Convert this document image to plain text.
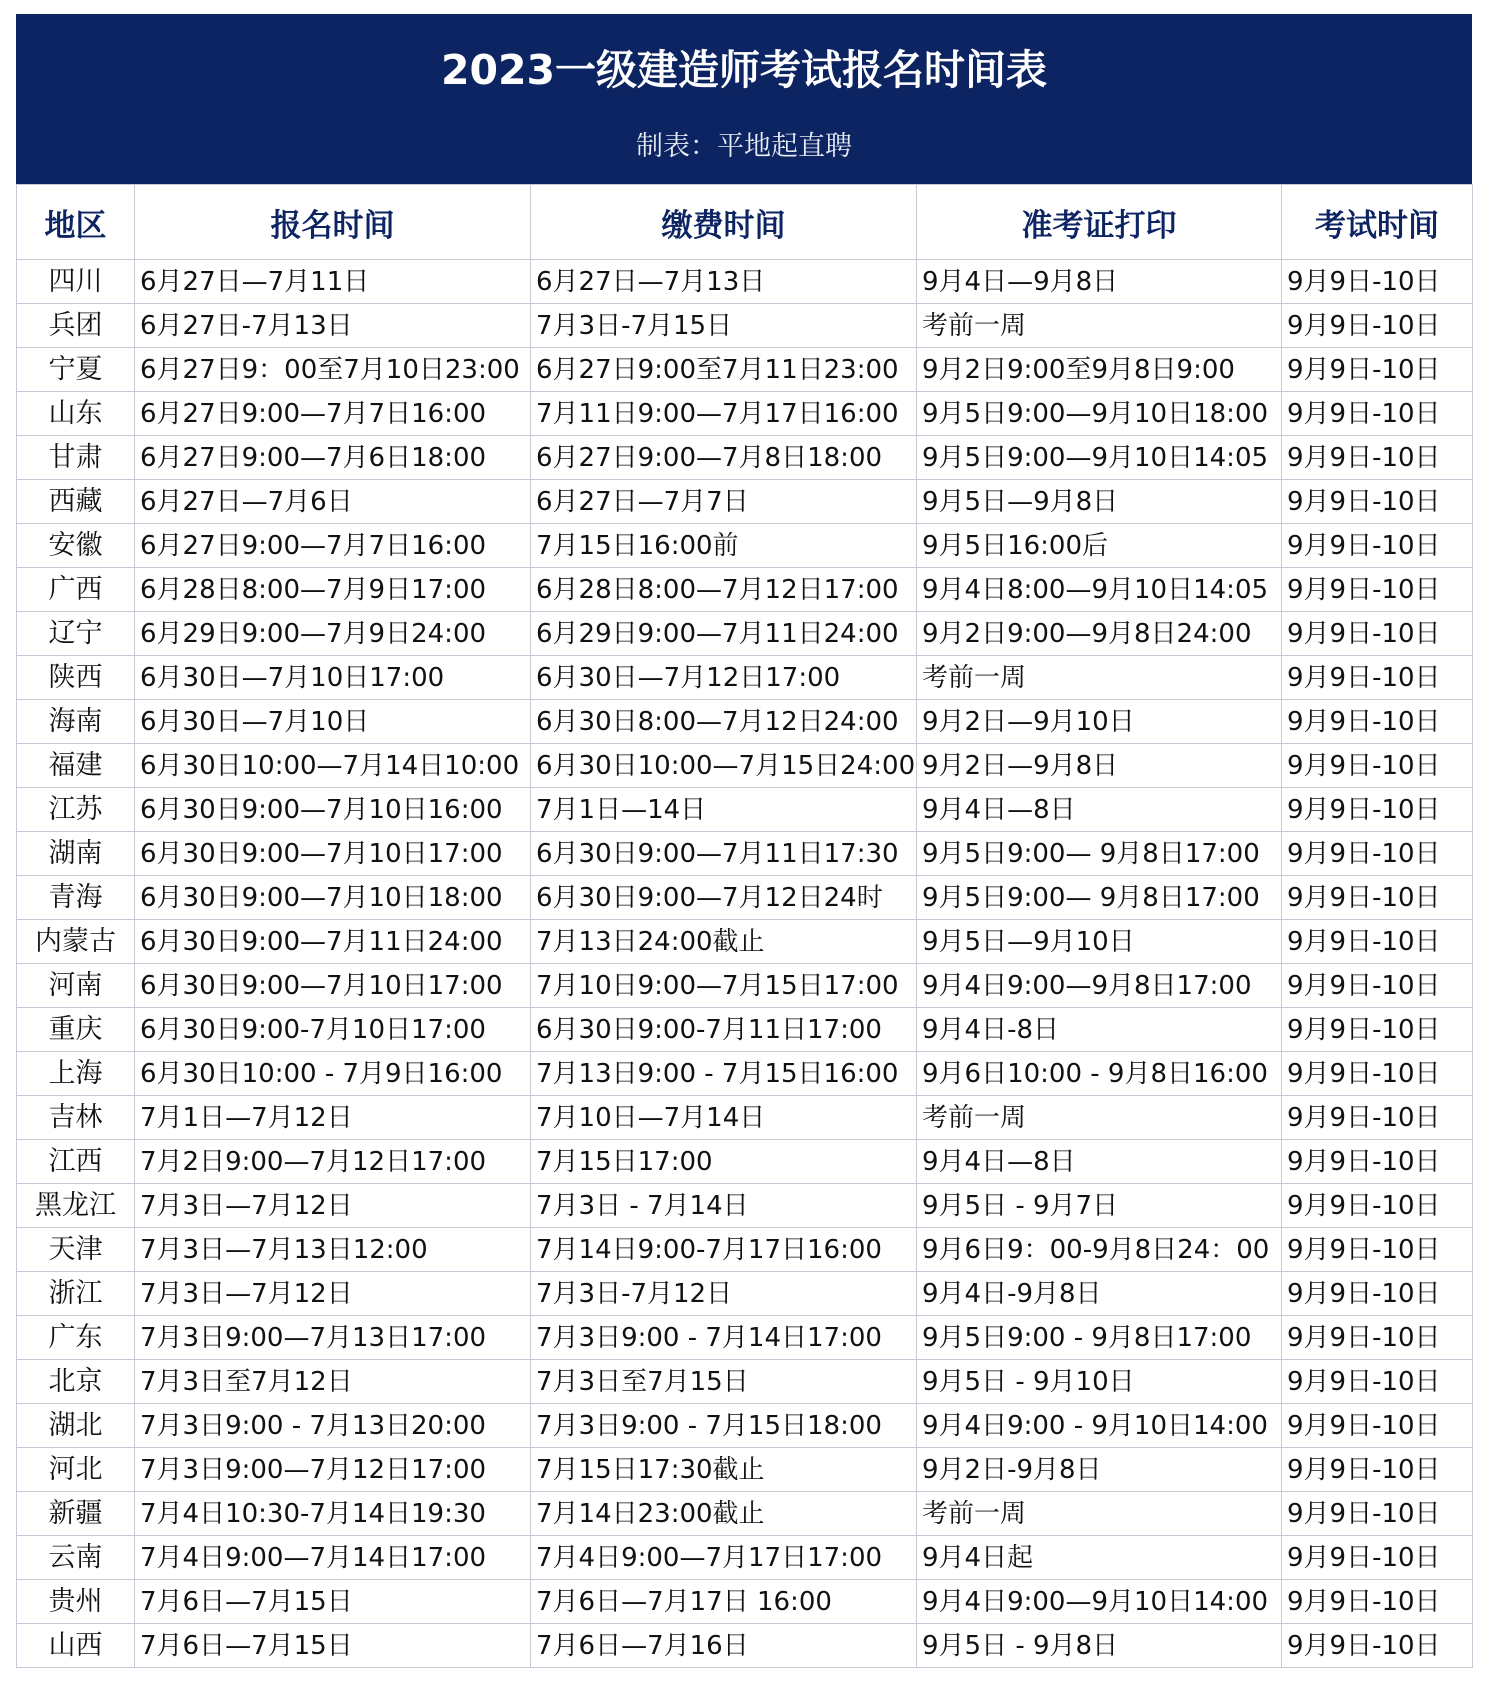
2023一级建造师考试报名时间表
制表：平地起直聘
地区	报名时间	缴费时间	准考证打印	考试时间
四川	6月27日—7月11日	6月27日—7月13日	9月4日—9月8日	9月9日-10日
兵团	6月27日-7月13日	7月3日-7月15日	考前一周	9月9日-10日
宁夏	6月27日9：00至7月10日23:00	6月27日9:00至7月11日23:00	9月2日9:00至9月8日9:00	9月9日-10日
山东	6月27日9:00—7月7日16:00	7月11日9:00—7月17日16:00	9月5日9:00—9月10日18:00	9月9日-10日
甘肃	6月27日9:00—7月6日18:00	6月27日9:00—7月8日18:00	9月5日9:00—9月10日14:05	9月9日-10日
西藏	6月27日—7月6日	6月27日—7月7日	9月5日—9月8日	9月9日-10日
安徽	6月27日9:00—7月7日16:00	7月15日16:00前	9月5日16:00后	9月9日-10日
广西	6月28日8:00—7月9日17:00	6月28日8:00—7月12日17:00	9月4日8:00—9月10日14:05	9月9日-10日
辽宁	6月29日9:00—7月9日24:00	6月29日9:00—7月11日24:00	9月2日9:00—9月8日24:00	9月9日-10日
陕西	6月30日—7月10日17:00	6月30日—7月12日17:00	考前一周	9月9日-10日
海南	6月30日—7月10日	6月30日8:00—7月12日24:00	9月2日—9月10日	9月9日-10日
福建	6月30日10:00—7月14日10:00	6月30日10:00—7月15日24:00	9月2日—9月8日	9月9日-10日
江苏	6月30日9:00—7月10日16:00	7月1日—14日	9月4日—8日	9月9日-10日
湖南	6月30日9:00—7月10日17:00	6月30日9:00—7月11日17:30	9月5日9:00— 9月8日17:00	9月9日-10日
青海	6月30日9:00—7月10日18:00	6月30日9:00—7月12日24时	9月5日9:00— 9月8日17:00	9月9日-10日
内蒙古	6月30日9:00—7月11日24:00	7月13日24:00截止	9月5日—9月10日	9月9日-10日
河南	6月30日9:00—7月10日17:00	7月10日9:00—7月15日17:00	9月4日9:00—9月8日17:00	9月9日-10日
重庆	6月30日9:00-7月10日17:00	6月30日9:00-7月11日17:00	9月4日-8日	9月9日-10日
上海	6月30日10:00 - 7月9日16:00	7月13日9:00 - 7月15日16:00	9月6日10:00 - 9月8日16:00	9月9日-10日
吉林	7月1日—7月12日	7月10日—7月14日	考前一周	9月9日-10日
江西	7月2日9:00—7月12日17:00	7月15日17:00	9月4日—8日	9月9日-10日
黑龙江	7月3日—7月12日	7月3日 - 7月14日	9月5日 - 9月7日	9月9日-10日
天津	7月3日—7月13日12:00	7月14日9:00-7月17日16:00	9月6日9：00-9月8日24：00	9月9日-10日
浙江	7月3日—7月12日	7月3日-7月12日	9月4日-9月8日	9月9日-10日
广东	7月3日9:00—7月13日17:00	7月3日9:00 - 7月14日17:00	9月5日9:00 - 9月8日17:00	9月9日-10日
北京	7月3日至7月12日	7月3日至7月15日	9月5日 - 9月10日	9月9日-10日
湖北	7月3日9:00 - 7月13日20:00	7月3日9:00 - 7月15日18:00	9月4日9:00 - 9月10日14:00	9月9日-10日
河北	7月3日9:00—7月12日17:00	7月15日17:30截止	9月2日-9月8日	9月9日-10日
新疆	7月4日10:30-7月14日19:30	7月14日23:00截止	考前一周	9月9日-10日
云南	7月4日9:00—7月14日17:00	7月4日9:00—7月17日17:00	9月4日起	9月9日-10日
贵州	7月6日—7月15日	7月6日—7月17日 16:00	9月4日9:00—9月10日14:00	9月9日-10日
山西	7月6日—7月15日	7月6日—7月16日	9月5日 - 9月8日	9月9日-10日
